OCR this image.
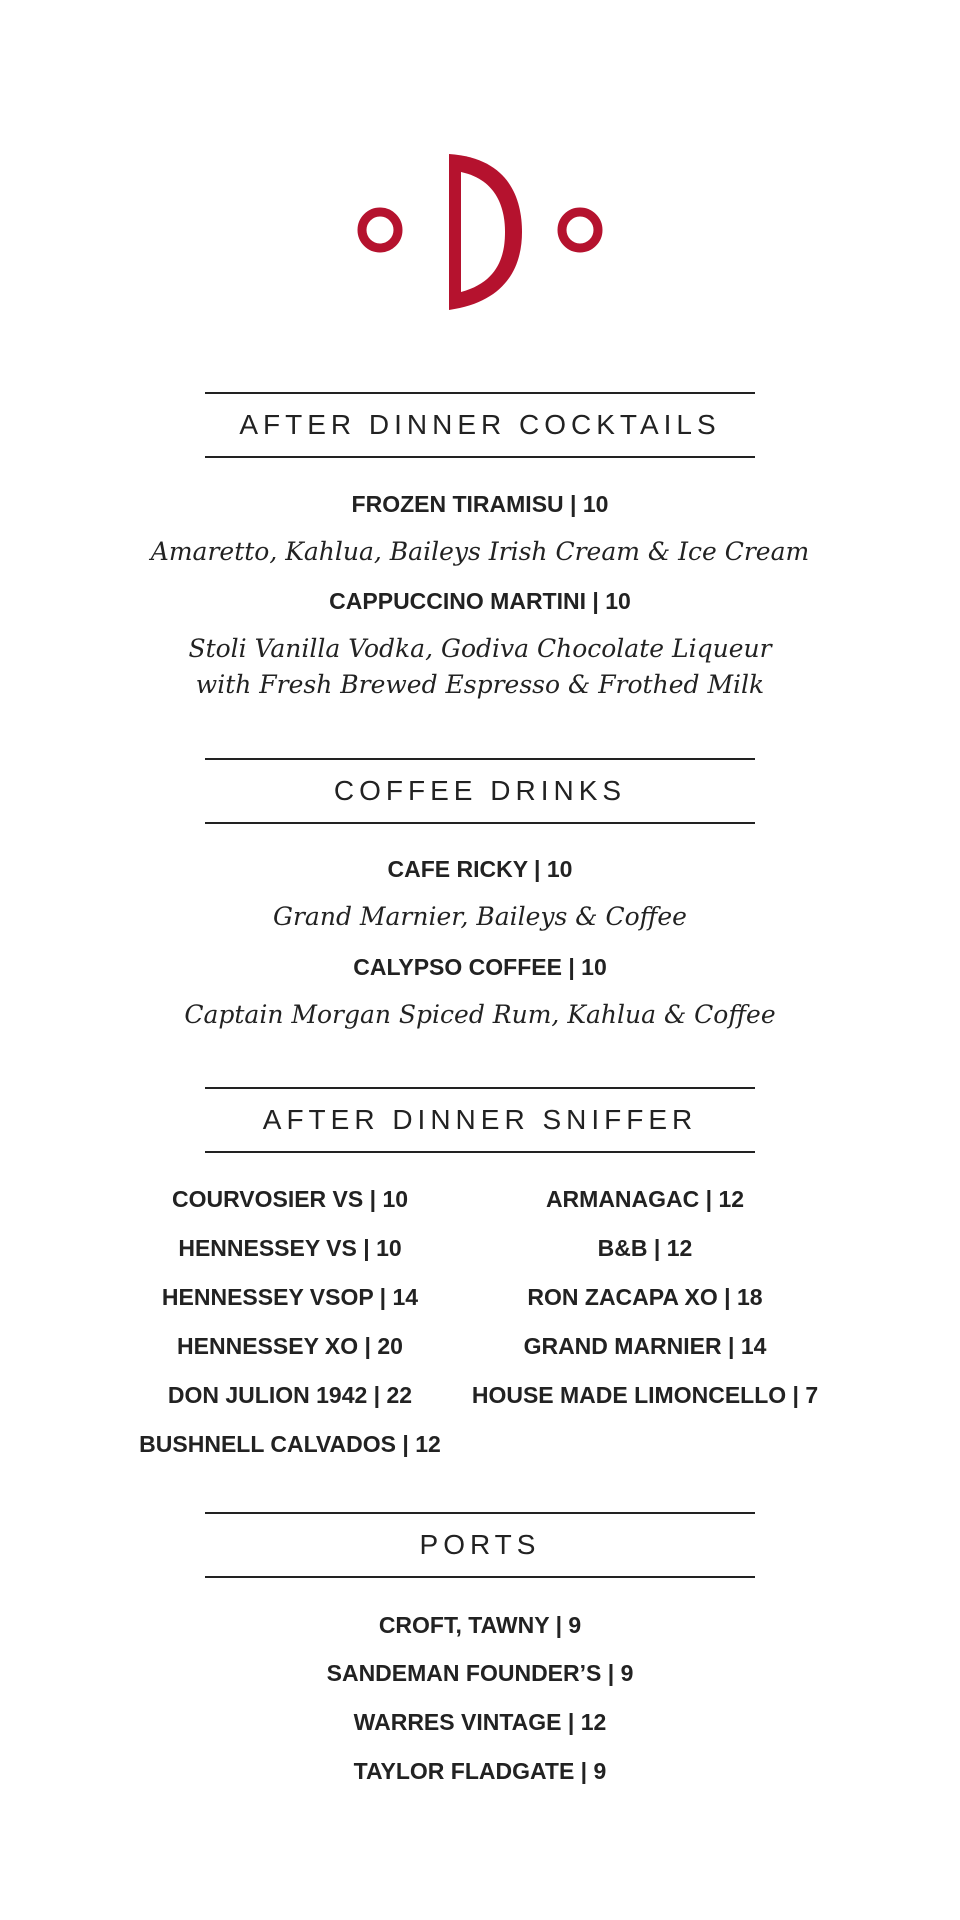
AFTER DINNER COCKTAILS
FROZEN TIRAMISU | 10
Amaretto, Kahlua, Baileys Irish Cream & Ice Cream
CAPPUCCINO MARTINI | 10
Stoli Vanilla Vodka, Godiva Chocolate Liqueur
with Fresh Brewed Espresso & Frothed Milk
COFFEE DRINKS
CAFE RICKY | 10
Grand Marnier, Baileys & Coffee
CALYPSO COFFEE | 10
Captain Morgan Spiced Rum, Kahlua & Coffee
AFTER DINNER SNIFFER
COURVOSIER VS | 10
HENNESSEY VS | 10
HENNESSEY VSOP | 14
HENNESSEY XO | 20
DON JULION 1942 | 22
BUSHNELL CALVADOS | 12
ARMANAGAC | 12
B&B | 12
RON ZACAPA XO | 18
GRAND MARNIER | 14
HOUSE MADE LIMONCELLO | 7
PORTS
CROFT, TAWNY | 9
SANDEMAN FOUNDER’S | 9
WARRES VINTAGE | 12
TAYLOR FLADGATE | 9
